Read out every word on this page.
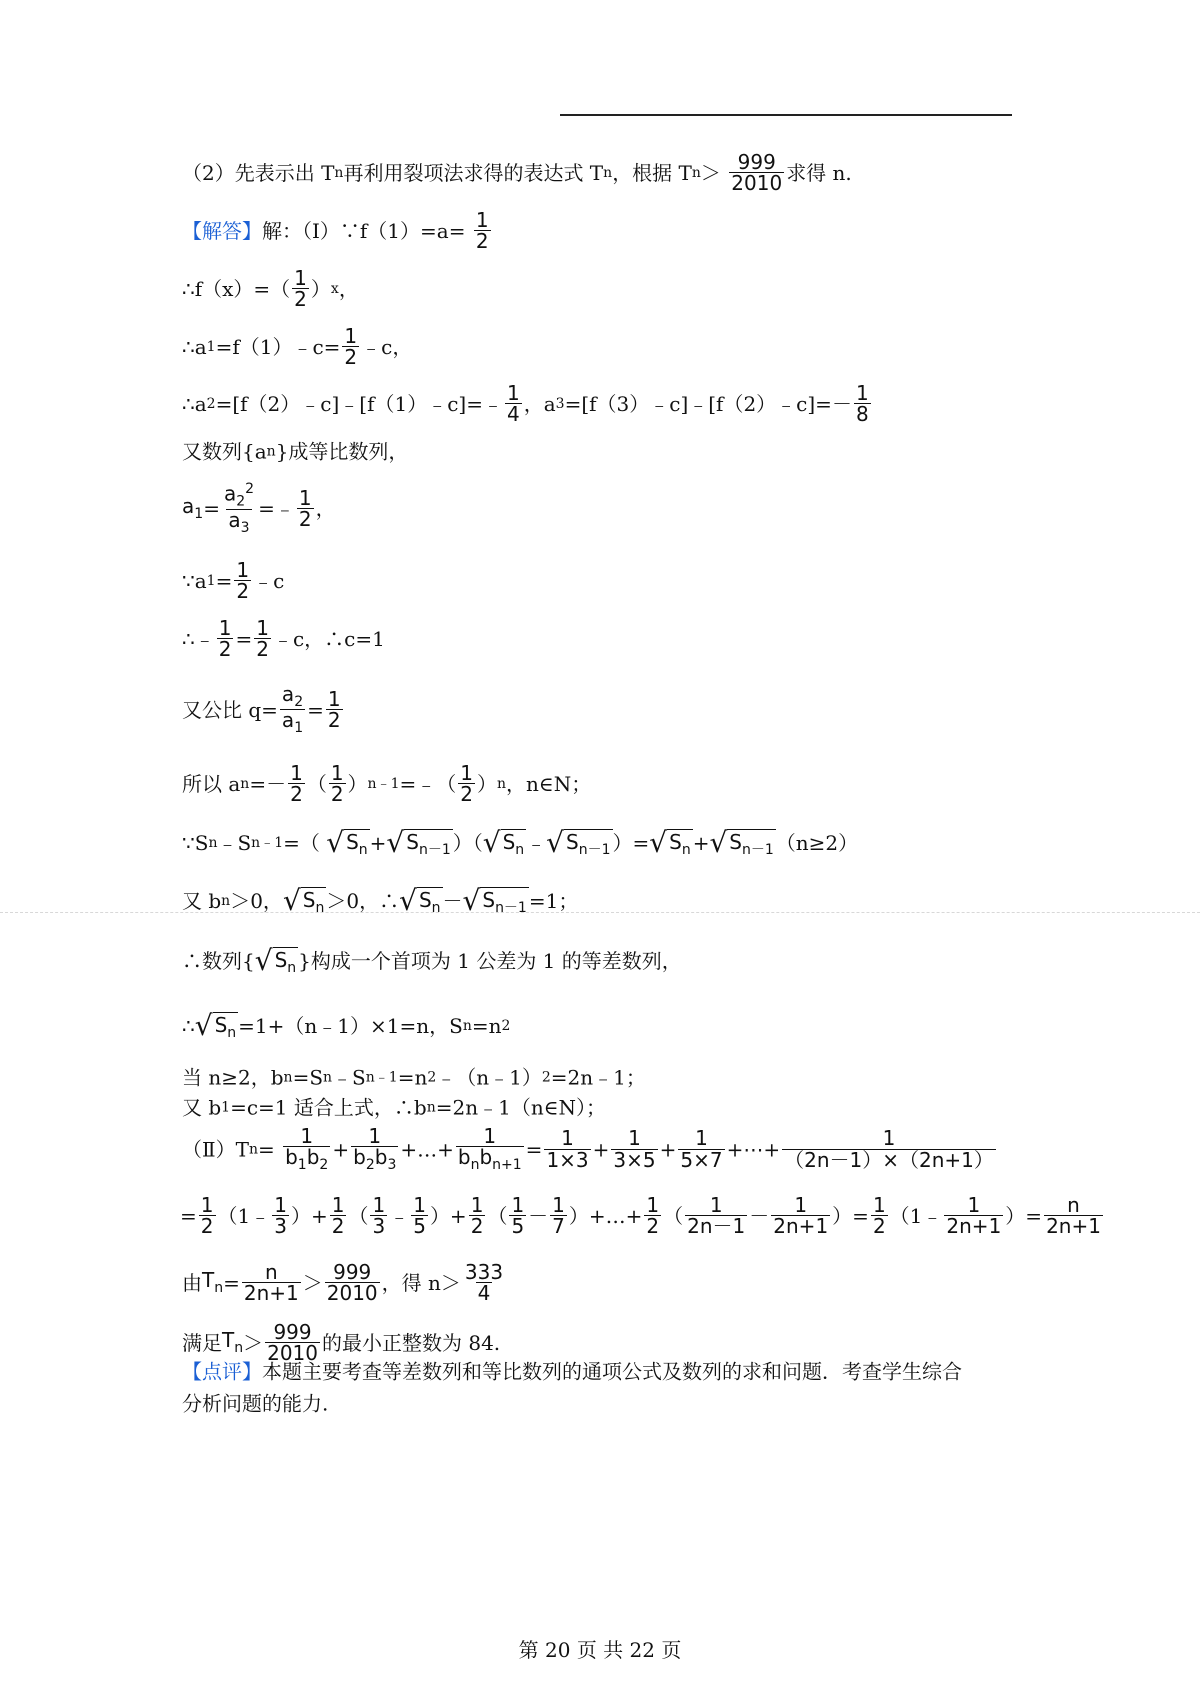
（2）先表示出 Tn再利用裂项法求得的表达式 Tn，根据 $Tn> \frac{999}{2010}$ 求得 n.
【解答】解：（Ⅰ）∵f（1）=a= $\frac{1}{2}$
∴f（x）=（ $\frac{1}{2} )x$，
∴a1=f（1）﹣c= $\frac{1}{2}$ ﹣c，
∴a2=[f（2）﹣c]﹣[f（1）﹣c]=﹣ $\frac{1}{4}$ ，a3=[f（3）﹣c]﹣[f（2）﹣c]=－ $\frac{1}{8}$
又数列{an}成等比数列，
$a_1= \frac{a_2^2}{a_3}$ =﹣ $\frac{1}{2}$ ，
∵a1= $\frac{1}{2}$ ﹣c
∴﹣ $\frac{1}{2} = \frac{1}{2}$ ﹣c，∴c=1
又公比 $q= \frac{a_2}{a_1} = \frac{1}{2}$
所以 $an=- \frac{1}{2}$ （ $\frac{1}{2}$ ）n﹣1=﹣（ $\frac{1}{2} )n$，n∈N；
∵Sn﹣Sn﹣1=（ √ $S_n$ + √ $S_{n-1}$ ）（ √ $S_n$ ﹣ √ $S_{n-1}$ ）= √ $S_n$ + √ $S_{n-1}$ （n≥2）
又 bn＞0， √ $S_n >0$，∴ √ $S_n$ － √ $S_{n-1} =1$；
∴数列{ √ $S_n$ }构成一个首项为 1 公差为 1 的等差数列，
∴ √ $S_n$ =1+（n﹣1）×1=n，Sn=n2
当 n≥2，bn=Sn﹣Sn﹣1=n2﹣（n﹣1）2=2n﹣1；
又 b1=c=1 适合上式，∴bn=2n﹣1（n∈N）；
（Ⅱ）Tn= $\frac{1}{b_1b_2} + \frac{1}{b_2b_3}$ +…+
1
$b_nb_{n+1}$
= $\frac{1}{1\times 3} + \frac{1}{3\times 5} + \frac{1}{5\times 7}$ +⋯+ $\frac{1}{(2n-1)\times(2n+1)}$
= $\frac{1}{2}$ （1﹣ $\frac{1}{3}$ ）+ $\frac{1}{2}$ （ $\frac{1}{3}$ ﹣ $\frac{1}{5}$ ）+ $\frac{1}{2}$ （ $\frac{1}{5} - \frac{1}{7}$ ）+…+ $\frac{1}{2}$ （ $\frac{1}{2n-1} - \frac{1}{2n+1}$ ）= $\frac{1}{2}$ （1﹣ $\frac{1}{2n+1}$ ）= $\frac{n}{2n+1}$
由$T_n= \frac{n}{2n+1} > \frac{999}{2010}$ ，得 $n> \frac{333}{4}$
满足$T_n> \frac{999}{2010}$ 的最小正整数为 84.
【点评】本题主要考查等差数列和等比数列的通项公式及数列的求和问题．考查学生综合
分析问题的能力.
第 20 页 共 22 页
